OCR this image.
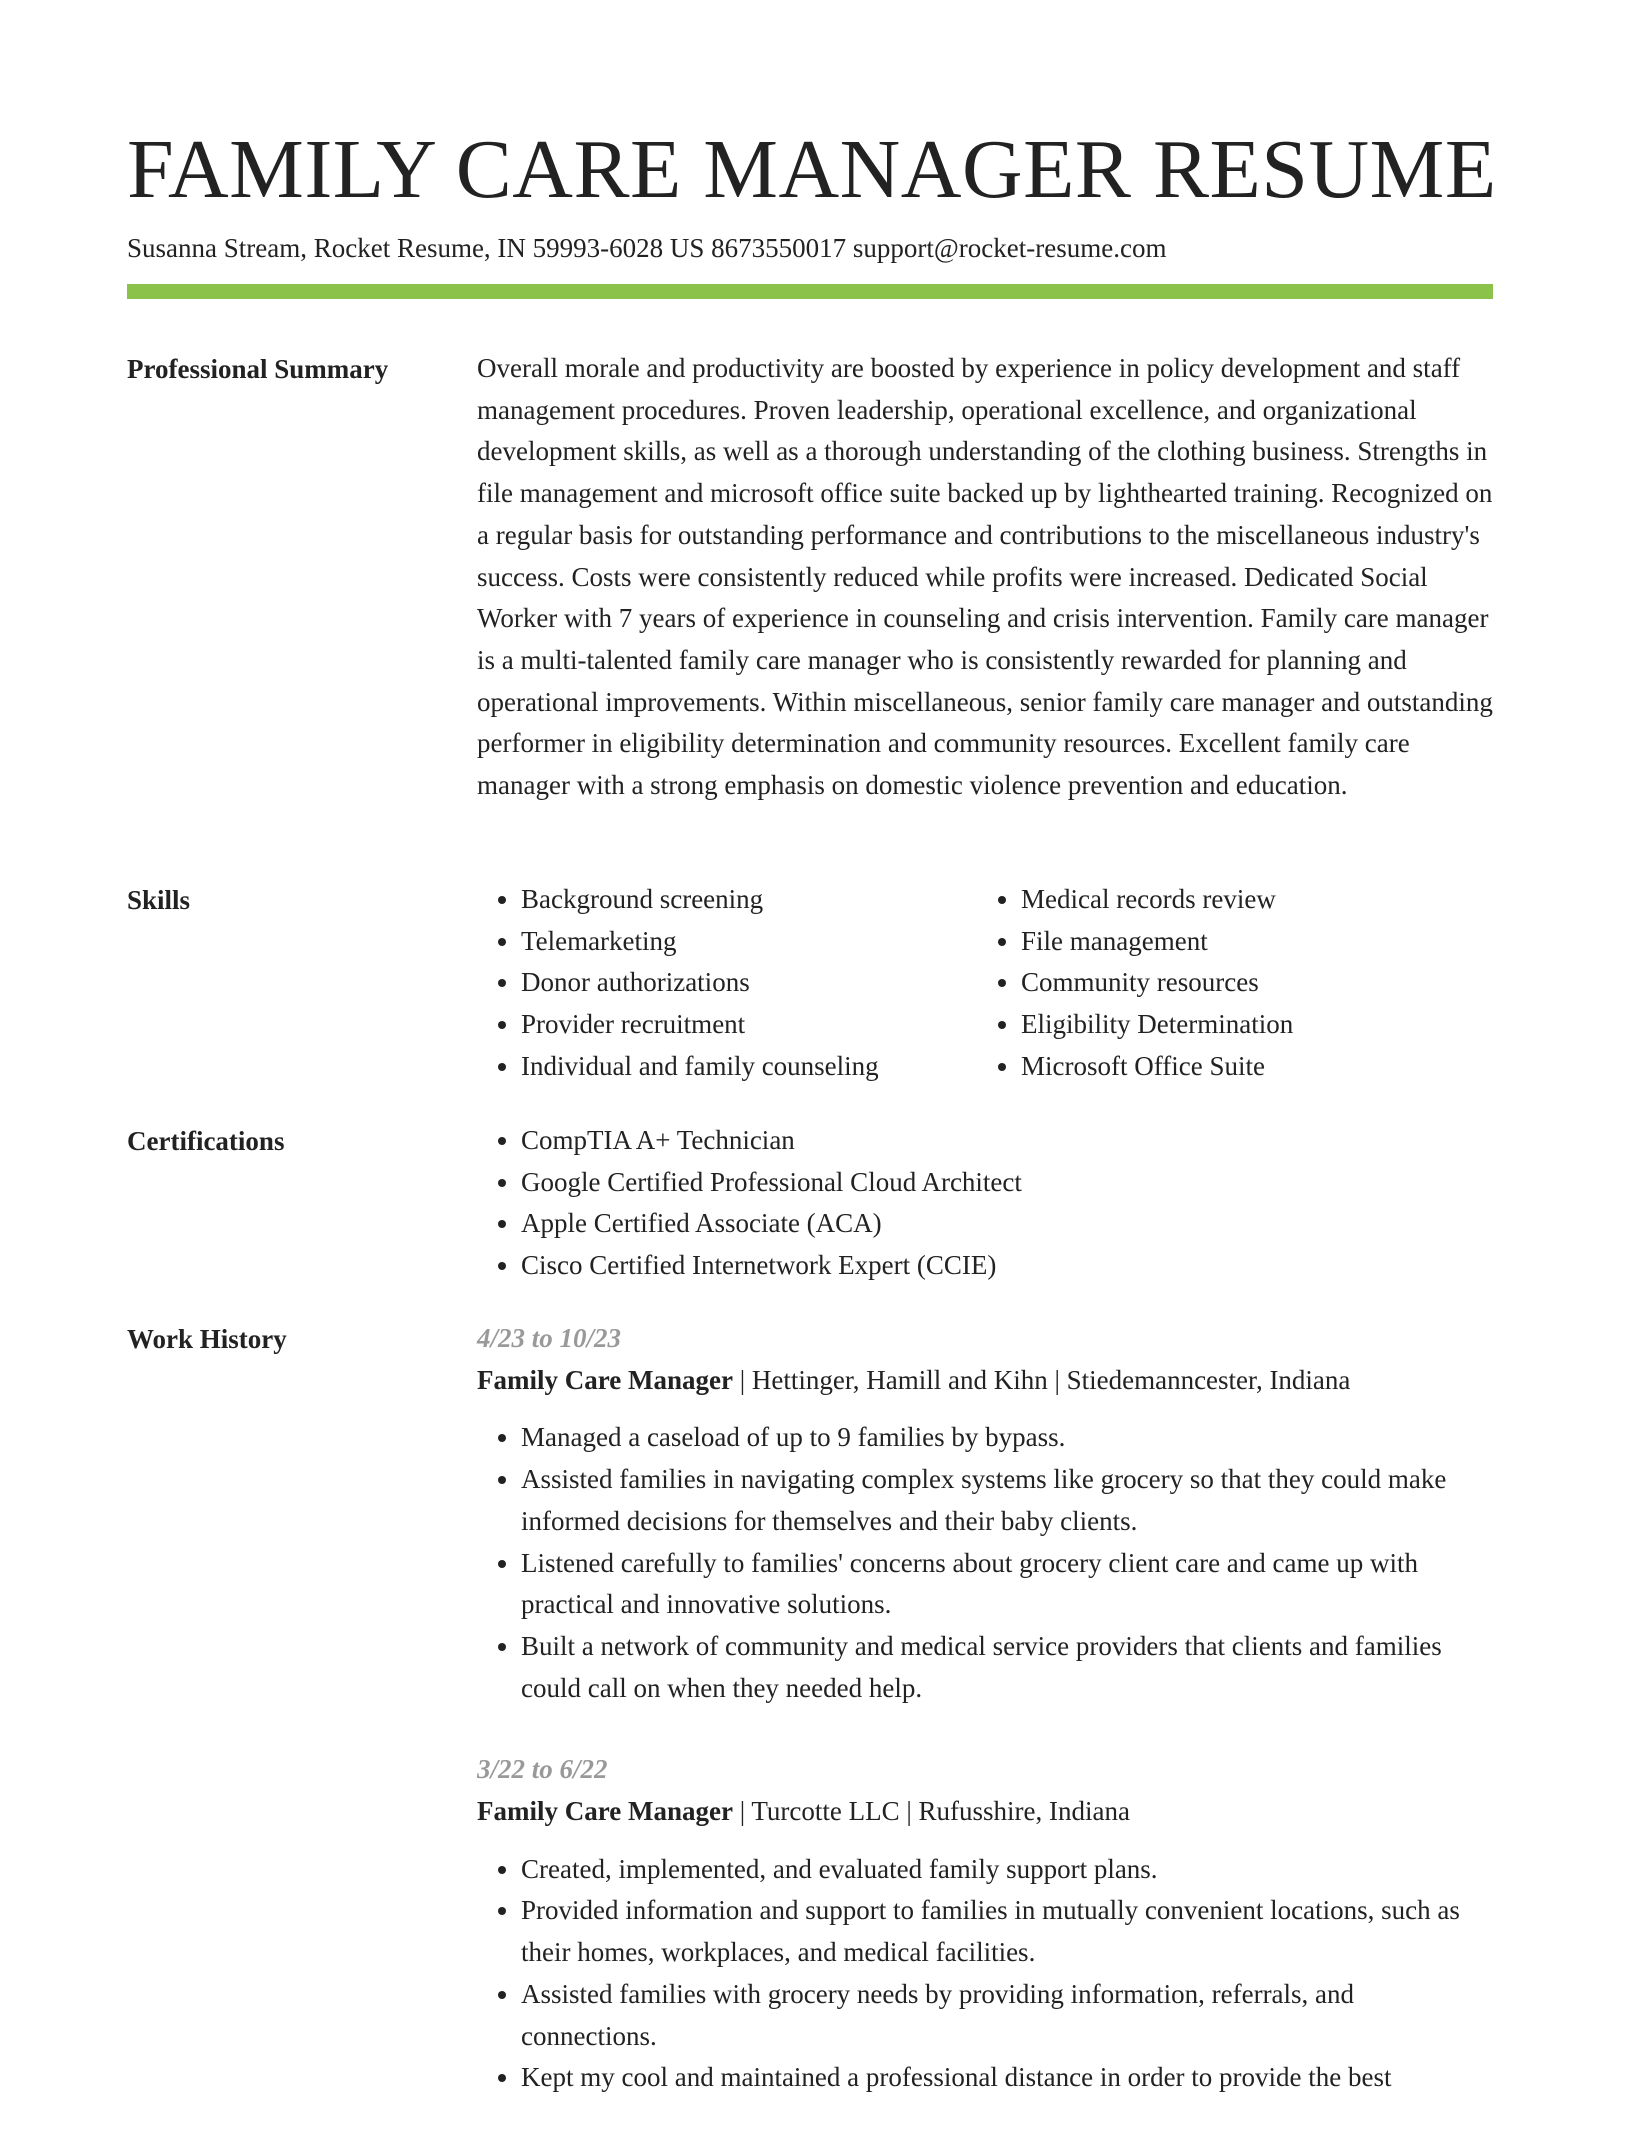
FAMILY CARE MANAGER RESUME
Susanna Stream, Rocket Resume, IN 59993-6028 US 8673550017 support@rocket-resume.com
Professional Summary	Overall morale and productivity are boosted by experience in policy development and staff management procedures. Proven leadership, operational excellence, and organizational development skills, as well as a thorough understanding of the clothing business. Strengths in file management and microsoft office suite backed up by lighthearted training. Recognized on a regular basis for outstanding performance and contributions to the miscellaneous industry's success. Costs were consistently reduced while profits were increased. Dedicated Social Worker with 7 years of experience in counseling and crisis intervention. Family care manager is a multi-talented family care manager who is consistently rewarded for planning and operational improvements. Within miscellaneous, senior family care manager and outstanding performer in eligibility determination and community resources. Excellent family care manager with a strong emphasis on domestic violence prevention and education.

Skills	• Background screening
• Telemarketing
• Donor authorizations
• Provider recruitment
• Individual and family counseling
• Medical records review
• File management
• Community resources
• Eligibility Determination
• Microsoft Office Suite
Certifications	• CompTIA A+ Technician
• Google Certified Professional Cloud Architect
• Apple Certified Associate (ACA)
• Cisco Certified Internetwork Expert (CCIE)
Work History	4/23 to 10/23
Family Care Manager | Hettinger, Hamill and Kihn | Stiedemanncester, Indiana
• Managed a caseload of up to 9 families by bypass.
• Assisted families in navigating complex systems like grocery so that they could make informed decisions for themselves and their baby clients.
• Listened carefully to families' concerns about grocery client care and came up with practical and innovative solutions.
• Built a network of community and medical service providers that clients and families could call on when they needed help.
3/22 to 6/22
Family Care Manager | Turcotte LLC | Rufusshire, Indiana
• Created, implemented, and evaluated family support plans.
• Provided information and support to families in mutually convenient locations, such as their homes, workplaces, and medical facilities.
• Assisted families with grocery needs by providing information, referrals, and connections.
• Kept my cool and maintained a professional distance in order to provide the best
